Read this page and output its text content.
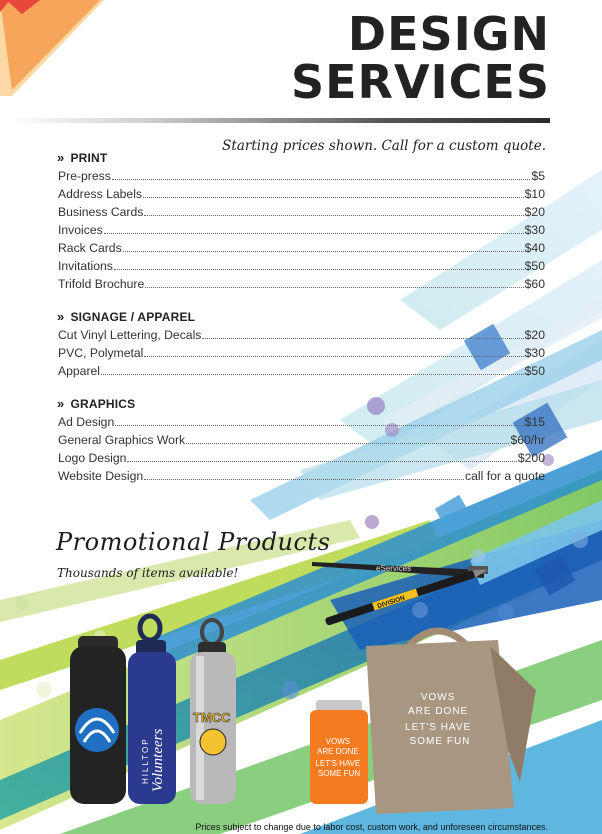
DESIGN
SERVICES
Starting prices shown. Call for a custom quote.
» PRINT
Pre-press	$5
Address Labels	$10
Business Cards	$20
Invoices	$30
Rack Cards	$40
Invitations	$50
Trifold Brochure	$60
» SIGNAGE / APPAREL
Cut Vinyl Lettering, Decals	$20
PVC, Polymetal	$30
Apparel	$50
» GRAPHICS
Ad Design	$15
General Graphics Work	$60/hr
Logo Design	$200
Website Design	call for a quote
Promotional Products
Thousands of items available!	eServices
DIVISION
HILLTOP Volunteers
TMCC
VOWS ARE DONE LET'S HAVE SOME FUN
VOWS ARE DONE LET'S HAVE SOME FUN
Prices subject to change due to labor cost, custom work, and unforeseen circumstances.
